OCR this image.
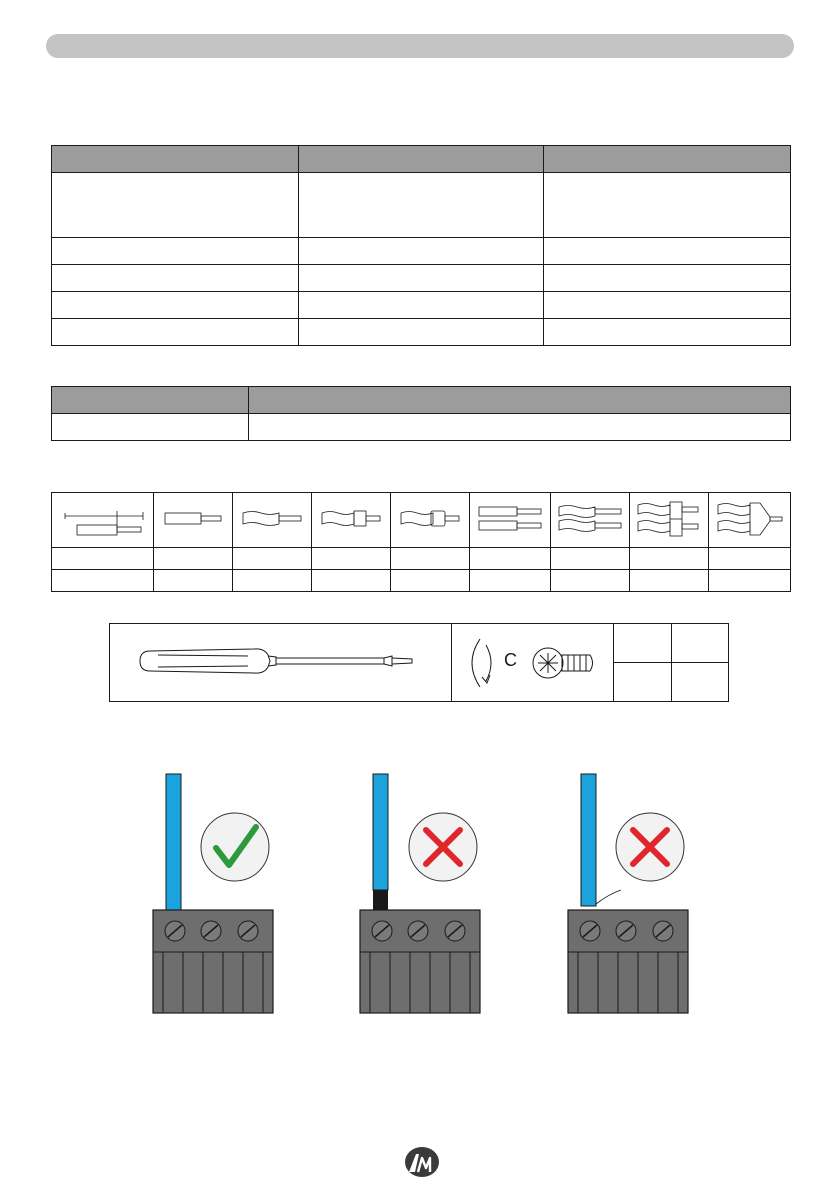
C		
